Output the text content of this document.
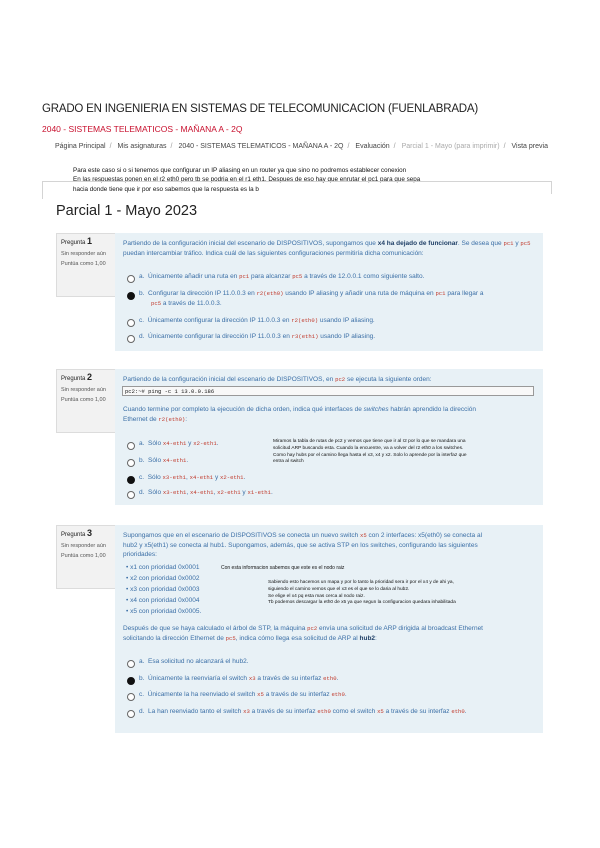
GRADO EN INGENIERIA EN SISTEMAS DE TELECOMUNICACION (FUENLABRADA)
2040 - SISTEMAS TELEMATICOS - MAÑANA A - 2Q
Página Principal / Mis asignaturas / 2040 - SISTEMAS TELEMATICOS - MAÑANA A - 2Q / Evaluación / Parcial 1 - Mayo (para imprimir) / Vista previa
Para este caso si o si tenemos que configurar un IP aliasing en un router ya que sino no podremos establecer conexion
En las respuestas ponen en el r2 eth0 pero tb se podria en el r1 eth1. Despues de eso hay que enrutar el pc1 para que sepa
hacia donde tiene que ir por eso sabemos que la respuesta es la b
Parcial 1 - Mayo 2023
Pregunta 1

Sin responder aún

Puntúa como 1,00

Partiendo de la configuración inicial del escenario de DISPOSITIVOS, supongamos que x4 ha dejado de funcionar. Se desea que pc1 y pc5 puedan intercambiar tráfico. Indica cuál de las siguientes configuraciones permitiría dicha comunicación:
a. Únicamente añadir una ruta en pc1 para alcanzar pc5 a través de 12.0.0.1 como siguiente salto.
b. Configurar la dirección IP 11.0.0.3 en r2(eth0) usando IP aliasing y añadir una ruta de máquina en pc1 para llegar a
pc5 a través de 11.0.0.3.
c. Únicamente configurar la dirección IP 11.0.0.3 en r2(eth0) usando IP aliasing.
d. Únicamente configurar la dirección IP 11.0.0.3 en r3(eth1) usando IP aliasing.
Pregunta 2

Sin responder aún

Puntúa como 1,00

Partiendo de la configuración inicial del escenario de DISPOSITIVOS, en pc2 se ejecuta la siguiente orden:
pc2:~# ping -c 1 13.0.0.186
Cuando termine por completo la ejecución de dicha orden, indica qué interfaces de switches habrán aprendido la dirección
Ethernet de r2(eth0):
a. Sólo x4-eth1 y x2-eth1.
b. Sólo x4-eth1.
c. Sólo x3-eth1, x4-eth1 y x2-eth1.
d. Sólo x3-eth1, x4-eth1, x2-eth1 y x1-eth1.
Miramos la tabla de rutas de pc2 y vemos que tiene que ir al r2 por lo que se mandara una
solicitud ARP buscando esta. Cuando la encuentre, va a volver del r2 eth0 a los switches.
Como hay hubs por el camino llega hasta el x3, x4 y x2. Solo lo aprende por la interfaz que
entra al switch
Pregunta 3

Sin responder aún

Puntúa como 1,00

Supongamos que en el escenario de DISPOSITIVOS se conecta un nuevo switch x5 con 2 interfaces: x5(eth0) se conecta al
hub2 y x5(eth1) se conecta al hub1. Supongamos, además, que se activa STP en los switches, configurando las siguientes
prioridades:
• x1 con prioridad 0x0001
• x2 con prioridad 0x0002
• x3 con prioridad 0x0003
• x4 con prioridad 0x0004
• x5 con prioridad 0x0005.
Con esta informacion sabemos que este es el nodo raiz
Sabiendo esto hacemos un mapa y por lo tanto la prioridad sera ir por el x4 y de ahi ya,
siguiendo el camino vemos que el x3 es el que se lo daria al hub2.
Se elige el x4 pq esta mas cerca al nodo raiz.
Tb podemos descargar la eth0 de x5 ya que segun la configuracion quedara inhabilitada
Después de que se haya calculado el árbol de STP, la máquina pc2 envía una solicitud de ARP dirigida al broadcast Ethernet
solicitando la dirección Ethernet de pc5, indica cómo llega esa solicitud de ARP al hub2:
a. Esa solicitud no alcanzará el hub2.
b. Únicamente la reenviaría el switch x3 a través de su interfaz eth0.
c. Únicamente la ha reenviado el switch x5 a través de su interfaz eth0.
d. La han reenviado tanto el switch x3 a través de su interfaz eth0 como el switch x5 a través de su interfaz eth0.
